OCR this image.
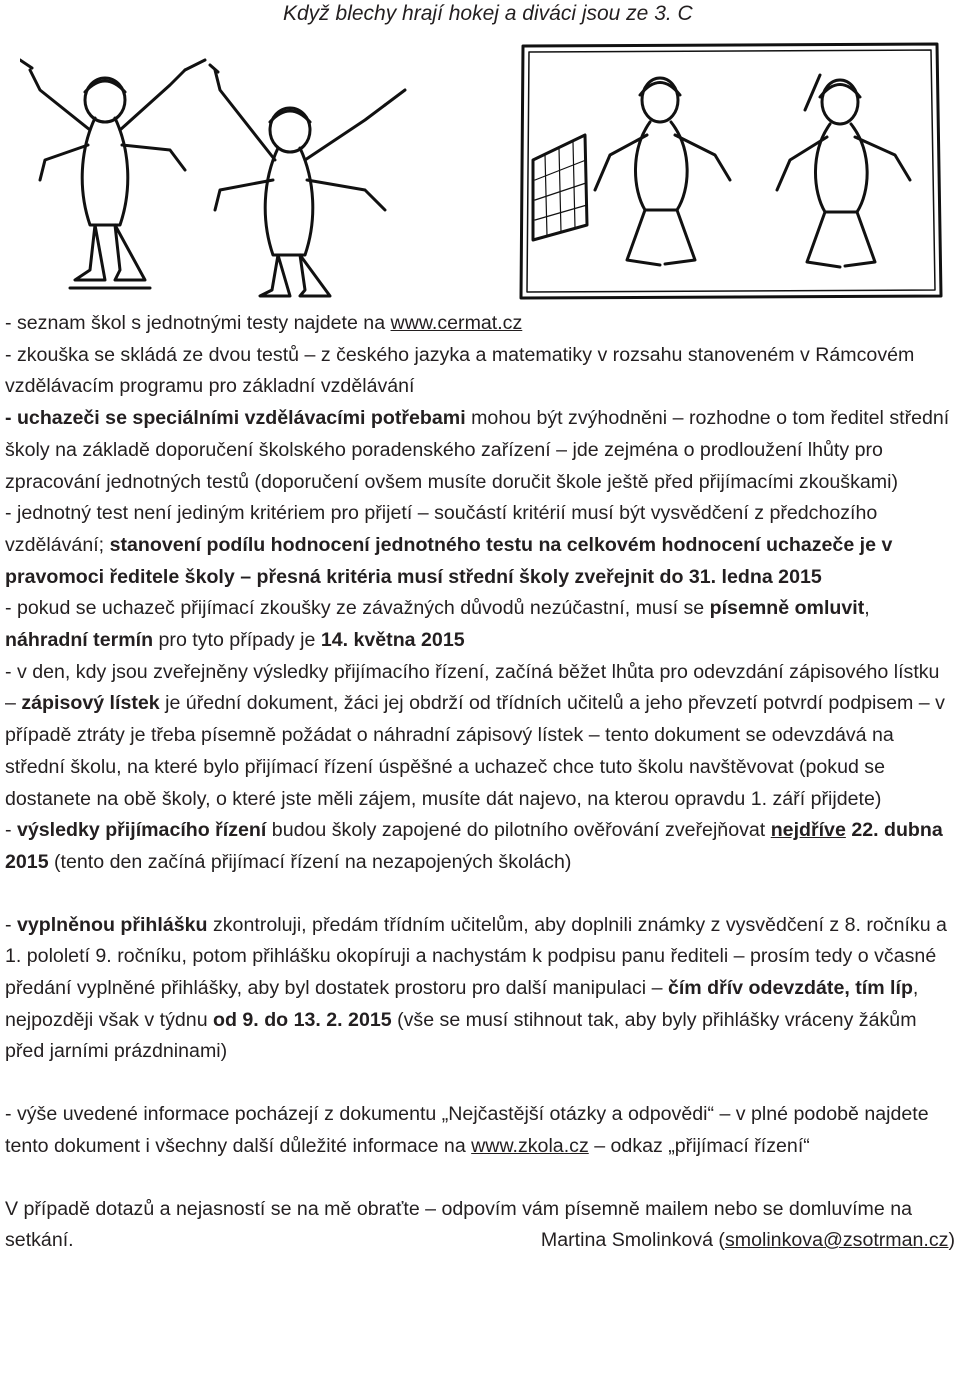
Když blechy hrají hokej a diváci jsou ze 3. C

- seznam škol s jednotnými testy najdete na www.cermat.cz

- zkouška se skládá ze dvou testů – z českého jazyka a matematiky v rozsahu stanoveném v Rámcovém vzdělávacím programu pro základní vzdělávání

- uchazeči se speciálními vzdělávacími potřebami mohou být zvýhodněni – rozhodne o tom ředitel střední školy na základě doporučení školského poradenského zařízení – jde zejména o prodloužení lhůty pro zpracování jednotných testů (doporučení ovšem musíte doručit škole ještě před přijímacími zkouškami)

- jednotný test není jediným kritériem pro přijetí – součástí kritérií musí být vysvědčení z předchozího vzdělávání; stanovení podílu hodnocení jednotného testu na celkovém hodnocení uchazeče je v pravomoci ředitele školy – přesná kritéria musí střední školy zveřejnit do 31. ledna 2015

- pokud se uchazeč přijímací zkoušky ze závažných důvodů nezúčastní, musí se písemně omluvit, náhradní termín pro tyto případy je 14. května 2015

- v den, kdy jsou zveřejněny výsledky přijímacího řízení, začíná běžet lhůta pro odevzdání zápisového lístku – zápisový lístek je úřední dokument, žáci jej obdrží od třídních učitelů a jeho převzetí potvrdí podpisem – v případě ztráty je třeba písemně požádat o náhradní zápisový lístek – tento dokument se odevzdává na střední školu, na které bylo přijímací řízení úspěšné a uchazeč chce tuto školu navštěvovat (pokud se dostanete na obě školy, o které jste měli zájem, musíte dát najevo, na kterou opravdu 1. září přijdete)

- výsledky přijímacího řízení budou školy zapojené do pilotního ověřování zveřejňovat nejdříve 22. dubna 2015 (tento den začíná přijímací řízení na nezapojených školách)

- vyplněnou přihlášku zkontroluji, předám třídním učitelům, aby doplnili známky z vysvědčení z 8. ročníku a 1. pololetí 9. ročníku, potom přihlášku okopíruji a nachystám k podpisu panu řediteli – prosím tedy o včasné předání vyplněné přihlášky, aby byl dostatek prostoru pro další manipulaci – čím dřív odevzdáte, tím líp, nejpozději však v týdnu od 9. do 13. 2. 2015 (vše se musí stihnout tak, aby byly přihlášky vráceny žákům před jarními prázdninami)

- výše uvedené informace pocházejí z dokumentu „Nejčastější otázky a odpovědi“ – v plné podobě najdete tento dokument i všechny další důležité informace na www.zkola.cz – odkaz „přijímací řízení“

V případě dotazů a nejasností se na mě obraťte – odpovím vám písemně mailem nebo se domluvíme na setkání.	Martina Smolinková (smolinkova@zsotrman.cz)
